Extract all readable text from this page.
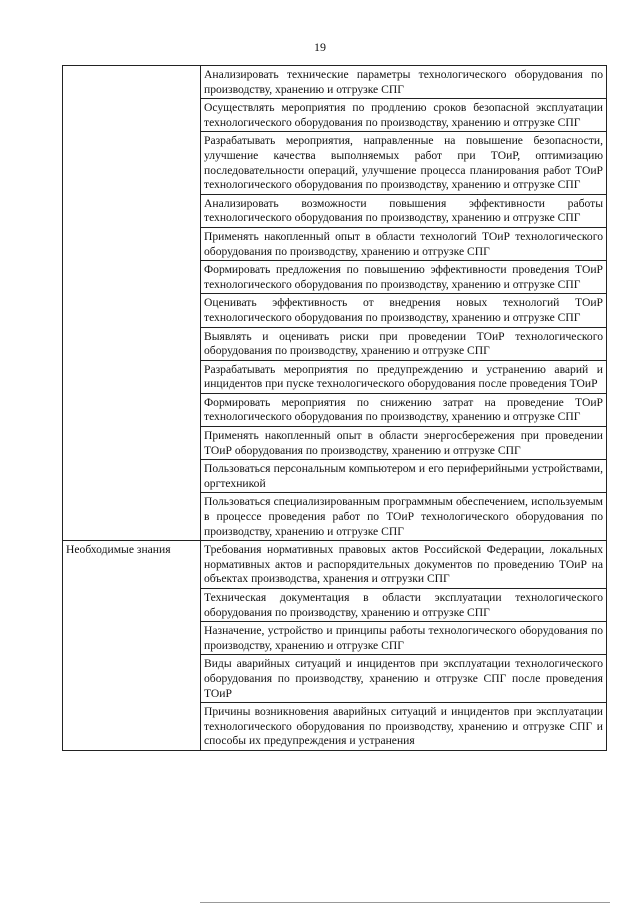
19
	Анализировать технические параметры технологического оборудования по производству, хранению и отгрузке СПГ
	Осуществлять мероприятия по продлению сроков безопасной эксплуатации технологического оборудования по производству, хранению и отгрузке СПГ
	Разрабатывать мероприятия, направленные на повышение безопасности, улучшение качества выполняемых работ при ТОиР, оптимизацию последовательности операций, улучшение процесса планирования работ ТОиР технологического оборудования по производству, хранению и отгрузке СПГ
	Анализировать возможности повышения эффективности работы технологического оборудования по производству, хранению и отгрузке СПГ
	Применять накопленный опыт в области технологий ТОиР технологического оборудования по производству, хранению и отгрузке СПГ
	Формировать предложения по повышению эффективности проведения ТОиР технологического оборудования по производству, хранению и отгрузке СПГ
	Оценивать эффективность от внедрения новых технологий ТОиР технологического оборудования по производству, хранению и отгрузке СПГ
	Выявлять и оценивать риски при проведении ТОиР технологического оборудования по производству, хранению и отгрузке СПГ
	Разрабатывать мероприятия по предупреждению и устранению аварий и инцидентов при пуске технологического оборудования после проведения ТОиР
	Формировать мероприятия по снижению затрат на проведение ТОиР технологического оборудования по производству, хранению и отгрузке СПГ
	Применять накопленный опыт в области энергосбережения при проведении ТОиР оборудования по производству, хранению и отгрузке СПГ
	Пользоваться персональным компьютером и его периферийными устройствами, оргтехникой
	Пользоваться специализированным программным обеспечением, используемым в процессе проведения работ по ТОиР технологического оборудования по производству, хранению и отгрузке СПГ
Необходимые знания	Требования нормативных правовых актов Российской Федерации, локальных нормативных актов и распорядительных документов по проведению ТОиР на объектах производства, хранения и отгрузки СПГ
	Техническая документация в области эксплуатации технологического оборудования по производству, хранению и отгрузке СПГ
	Назначение, устройство и принципы работы технологического оборудования по производству, хранению и отгрузке СПГ
	Виды аварийных ситуаций и инцидентов при эксплуатации технологического оборудования по производству, хранению и отгрузке СПГ после проведения ТОиР
	Причины возникновения аварийных ситуаций и инцидентов при эксплуатации технологического оборудования по производству, хранению и отгрузке СПГ и способы их предупреждения и устранения
